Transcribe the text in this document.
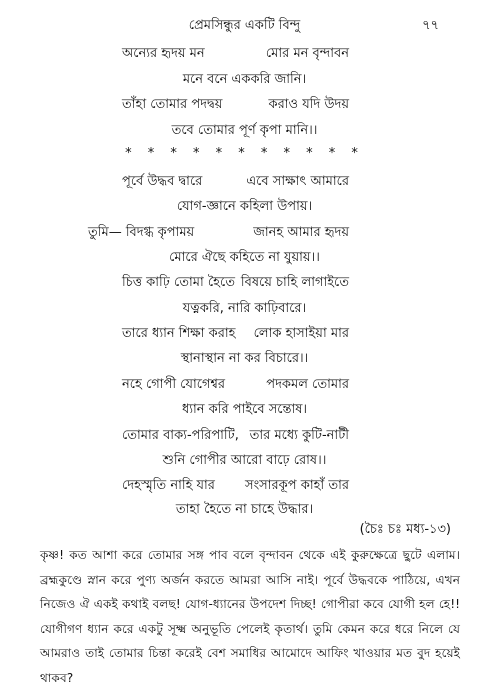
প্রেমসিন্ধুর একটি বিন্দু	৭৭
অন্যের হৃদয় মন	মোর মন বৃন্দাবন
মনে বনে এককরি জানি।
তাঁহা তোমার পদদ্বয়	করাও যদি উদয়
তবে তোমার পূর্ণ কৃপা মানি।।
* * * * * * * * * * *
পূর্বে উদ্ধব দ্বারে	এবে সাক্ষাৎ আমারে
যোগ-জ্ঞানে কহিলা উপায়।
তুমি— বিদগ্ধ কৃপাময়	জানহ আমার হৃদয়
মোরে ঐছে কহিতে না যুয়ায়।।
চিত্ত কাঢ়ি তোমা হৈতে বিষয়ে চাহি লাগাইতে
যত্নকরি, নারি কাঢ়িবারে।
তারে ধ্যান শিক্ষা করাহ লোক হাসাইয়া মার
স্থানাস্থান না কর বিচারে।।
নহে গোপী যোগেশ্বর	পদকমল তোমার
ধ্যান করি পাইবে সন্তোষ।
তোমার বাক্য-পরিপাটি, তার মধ্যে কুটি-নাটী
শুনি গোপীর আরো বাঢ়ে রোষ।।
দেহস্মৃতি নাহি যার সংসারকূপ কাহাঁ তার
তাহা হৈতে না চাহে উদ্ধার।
(চৈঃ চঃ মধ্য-১৩)
কৃষ্ণ! কত আশা করে তোমার সঙ্গ পাব বলে বৃন্দাবন থেকে এই কুরুক্ষেত্রে ছুটে এলাম। ব্রহ্মকুণ্ডে স্নান করে পুণ্য অর্জন করতে আমরা আসি নাই। পূর্বে উদ্ধবকে পাঠিয়ে, এখন নিজেও ঐ একই কথাই বলছ! যোগ-ধ্যানের উপদেশ দিচ্ছ! গোপীরা কবে যোগী হল হে!! যোগীগণ ধ্যান করে একটু সূক্ষ্ম অনুভূতি পেলেই কৃতার্থ। তুমি কেমন করে ধরে নিলে যে আমরাও তাই তোমার চিন্তা করেই বেশ সমাধির আমোদে আফিং খাওয়ার মত বুদ হয়েই থাকব?
